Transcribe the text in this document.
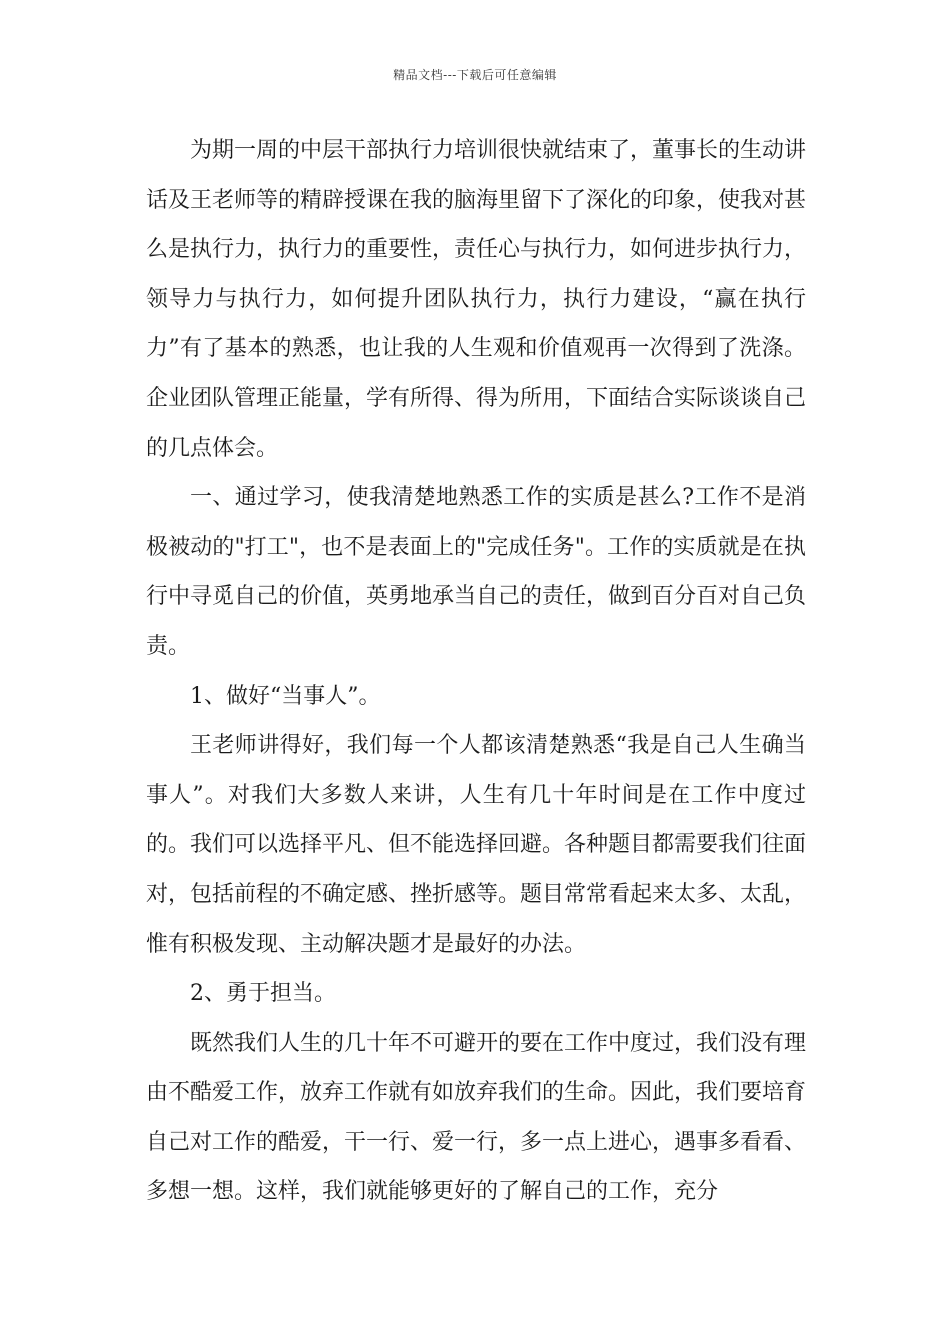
精品文档---下载后可任意编辑

为期一周的中层干部执行力培训很快就结束了，董事长的生动讲话及王老师等的精辟授课在我的脑海里留下了深化的印象，使我对甚么是执行力，执行力的重要性，责任心与执行力，如何进步执行力，领导力与执行力，如何提升团队执行力，执行力建设，“赢在执行力”有了基本的熟悉，也让我的人生观和价值观再一次得到了洗涤。企业团队管理正能量，学有所得、得为所用，下面结合实际谈谈自己的几点体会。

一、通过学习，使我清楚地熟悉工作的实质是甚么?工作不是消极被动的"打工"，也不是表面上的"完成任务"。工作的实质就是在执行中寻觅自己的价值，英勇地承当自己的责任，做到百分百对自己负责。

1、做好“当事人”。

王老师讲得好，我们每一个人都该清楚熟悉“我是自己人生确当事人”。对我们大多数人来讲，人生有几十年时间是在工作中度过的。我们可以选择平凡、但不能选择回避。各种题目都需要我们往面对，包括前程的不确定感、挫折感等。题目常常看起来太多、太乱，惟有积极发现、主动解决题才是最好的办法。

2、勇于担当。

既然我们人生的几十年不可避开的要在工作中度过，我们没有理由不酷爱工作，放弃工作就有如放弃我们的生命。因此，我们要培育自己对工作的酷爱，干一行、爱一行，多一点上进心，遇事多看看、多想一想。这样，我们就能够更好的了解自己的工作，充分
